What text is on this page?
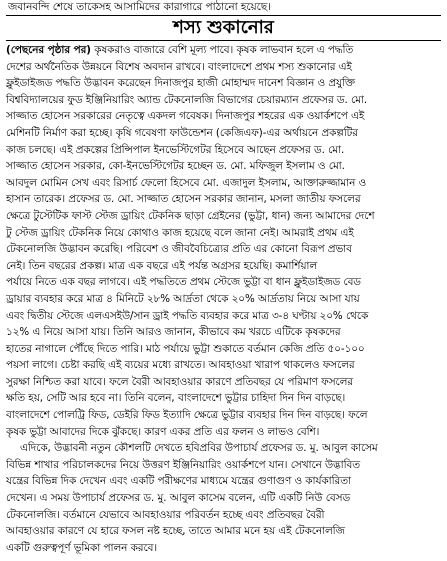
জবানবন্দি শেষে তাকেসহ আসামিদের কারাগারে পাঠানো হয়েছে।
শস্য শুকানোর
(পেছনের পৃষ্ঠার পর) কৃষকরাও বাজারে বেশি মূল্য পাবে। কৃষক লাভবান হলে এ পদ্ধতি
দেশের অর্থনৈতিক উন্নয়নে বিশেষ অবদান রাখবে। বাংলাদেশে প্রথম শস্য শুকানোর এই
ফ্লুইডাইজড পদ্ধতি উদ্ভাবন করেছেন দিনাজপুর হাজী মোহাম্মদ দানেশ বিজ্ঞান ও প্রযুক্তি
বিশ্ববিদ্যালয়ের ফুড ইঞ্জিনিয়ারিং অ্যান্ড টেকনোলজি বিভাগের চেয়ারম্যান প্রফেসর ড. মো.
সাজ্জাত হোসেন সরকারের নেতৃত্বে একদল গবেষক। দিনাজপুর শহরের এক ওয়ার্কশপে এই
মেশিনটি নির্মাণ করা হচ্ছে। কৃষি গবেষণা ফাউন্ডেশন (কেজিএফ)-এর অর্থায়নে প্রকল্পটির
কাজ চলছে। এই প্রকল্পের প্রিন্সিপাল ইনভেস্টিগেটর হিসেবে আছেন প্রফেসর ড. মো.
সাজ্জাত হোসেন সরকার, কো-ইনভেস্টিগেটর হচ্ছেন ড. মো. মফিজুল ইসলাম ও মো.
আবদুল মোমিন সেখ এবং রিসার্চ ফেলো হিসেবে মো. এজাদুল ইসলাম, আক্তারুজ্জামান ও
হাসান তারেক। প্রফেসর ড. মো. সাজ্জাত হোসেন সরকার জানান, মসলা জাতীয় ফসলের
ক্ষেত্রে টুস্টেটিক ফাস্ট স্টেজ ড্রায়িং টেকনিক ছাড়া গ্রেইনের (ভুট্টা, ধান) জন্য আমাদের দেশে
টু স্টেজ ড্রায়িং টেকনিক নিয়ে কোথাও কাজ হয়েছে বলে জানা নেই। আমরাই প্রথম এই
টেকনোলজি উদ্ভাবন করেছি। পরিবেশ ও জীববৈচিত্র্যের প্রতি এর কোনো বিরূপ প্রভাব
নেই। তিন বছরের প্রকল্প। মাত্র এক বছরে এই পর্যন্ত অগ্রসর হয়েছি। কমার্শিয়াল
পর্যায়ে নিতে এক বছর লাগবে। এই পদ্ধতিতে প্রথম স্টেজে ভুট্টা বা ধান ফ্লুইডাইজড বেড
ড্রায়ার ব্যবহার করে মাত্র ৪ মিনিটে ২৮% আর্দ্রতা থেকে ২০% আর্দ্রতায় নিয়ে আসা যায়
এবং দ্বিতীয় স্টেজে এলএসইউ/সান ড্রাই পদ্ধতি ব্যবহার করে মাত্র ৩-৪ ঘণ্টায় ২০% থেকে
১২% এ নিয়ে আসা যায়। তিনি আরও জানান, কীভাবে কম খরচে এটিকে কৃষকদের
হাতের নাগালে পৌঁছে দিতে পারি। মাঠ পর্যায়ে ভুট্টা শুকাতে বর্তমান কেজি প্রতি ৫০-১০০
পয়সা লাগে। চেষ্টা করছি এই ব্যয়ের মধ্যে রাখতে। আবহাওয়া খারাপ থাকলেও ফসলের
সুরক্ষা নিশ্চিত করা যাবে। ফলে বৈরী আবহাওয়ার কারণে প্রতিবছর যে পরিমাণ ফসলের
ক্ষতি হয়, সেটি আর হবে না। তিনি বলেন, বাংলাদেশে ভুট্টার চাহিদা দিন দিন বাড়ছে।
বাংলাদেশে পোলট্রি ফিড, ডেইরি ফিড ইত্যাদি ক্ষেত্রে ভুট্টার ব্যবহার দিন দিন বাড়ছে। ফলে
কৃষক ভুট্টা আবাদের দিকে ঝুঁকছে। কারণ একর প্রতি এর ফলন ও লাভও বেশি।
এদিকে, উদ্ভাবনী নতুন কৌশলটি দেখতে হবিপ্রবির উপাচার্য প্রফেসর ড. মু. আবুল কাসেম
বিভিন্ন শাখার পরিচালকদের নিয়ে উত্তরণ ইঞ্জিনিয়ারিং ওয়ার্কশপে যান। সেখানে উদ্ভাবিত
যন্ত্রের বিভিন্ন দিক দেখেন এবং একটি পরীক্ষণের মাধ্যমে যন্ত্রের গুণাগুণ ও কার্যকারিতা
দেখেন। এ সময় উপাচার্য প্রফেসর ড. মু. আবুল কাসেম বলেন, এটি একটি নিউ বেসড
টেকনোলজি। বর্তমানে যেভাবে আবহাওয়ার পরিবর্তন হচ্ছে এবং প্রতিবছর বৈরী
আবহাওয়ার কারণে যে হারে ফসল নষ্ট হচ্ছে, তাতে আমার মনে হয় এই টেকনোলজি
একটি গুরুত্বপূর্ণ ভূমিকা পালন করবে।
